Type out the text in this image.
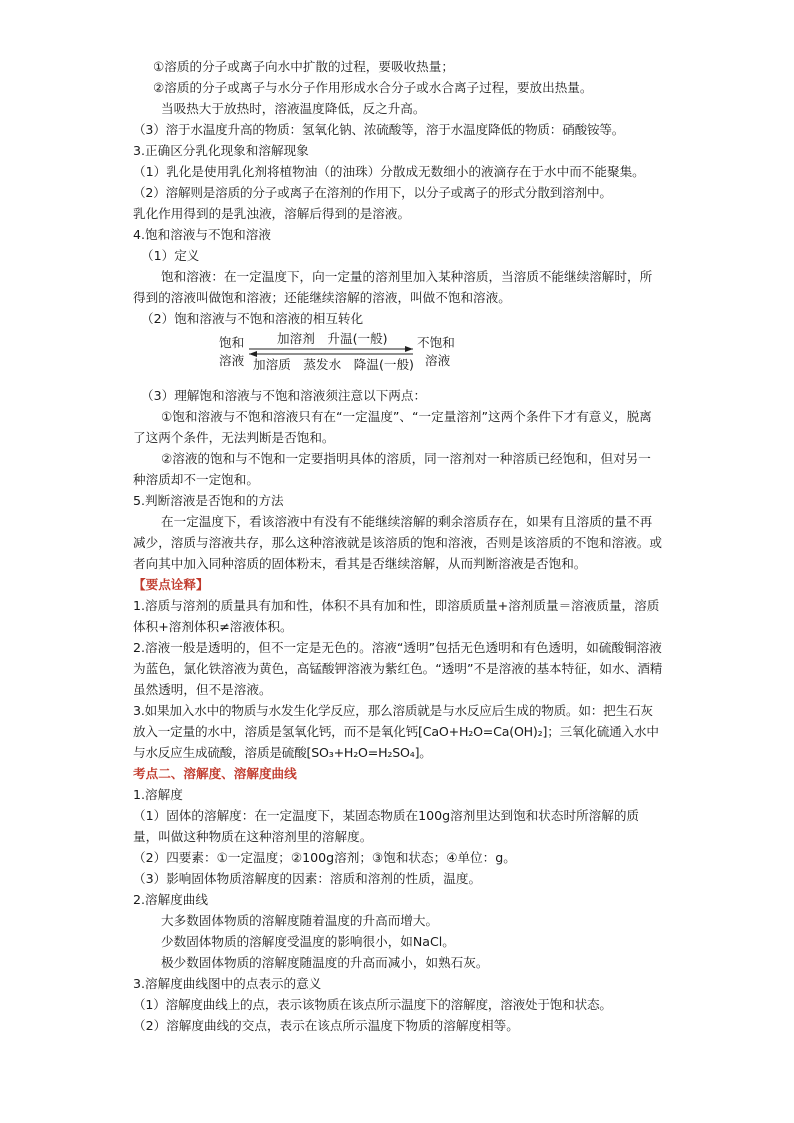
①溶质的分子或离子向水中扩散的过程，要吸收热量；
②溶质的分子或离子与水分子作用形成水合分子或水合离子过程，要放出热量。
当吸热大于放热时，溶液温度降低，反之升高。
（3）溶于水温度升高的物质：氢氧化钠、浓硫酸等，溶于水温度降低的物质：硝酸铵等。
3.正确区分乳化现象和溶解现象
（1）乳化是使用乳化剂将植物油（的油珠）分散成无数细小的液滴存在于水中而不能聚集。
（2）溶解则是溶质的分子或离子在溶剂的作用下，以分子或离子的形式分散到溶剂中。
乳化作用得到的是乳浊液，溶解后得到的是溶液。
4.饱和溶液与不饱和溶液
（1）定义
饱和溶液：在一定温度下，向一定量的溶剂里加入某种溶质，当溶质不能继续溶解时，所得到的溶液叫做饱和溶液；还能继续溶解的溶液，叫做不饱和溶液。
（2）饱和溶液与不饱和溶液的相互转化
饱和
溶液
加溶剂　升温(一般)
加溶质　蒸发水　降温(一般)
不饱和
溶液
（3）理解饱和溶液与不饱和溶液须注意以下两点：
①饱和溶液与不饱和溶液只有在“一定温度”、“一定量溶剂”这两个条件下才有意义，脱离了这两个条件，无法判断是否饱和。
②溶液的饱和与不饱和一定要指明具体的溶质，同一溶剂对一种溶质已经饱和，但对另一种溶质却不一定饱和。
5.判断溶液是否饱和的方法
在一定温度下，看该溶液中有没有不能继续溶解的剩余溶质存在，如果有且溶质的量不再减少，溶质与溶液共存，那么这种溶液就是该溶质的饱和溶液，否则是该溶质的不饱和溶液。或者向其中加入同种溶质的固体粉末，看其是否继续溶解，从而判断溶液是否饱和。
【要点诠释】
1.溶质与溶剂的质量具有加和性，体积不具有加和性，即溶质质量+溶剂质量＝溶液质量，溶质体积+溶剂体积≠溶液体积。
2.溶液一般是透明的，但不一定是无色的。溶液“透明”包括无色透明和有色透明，如硫酸铜溶液为蓝色，氯化铁溶液为黄色，高锰酸钾溶液为紫红色。“透明”不是溶液的基本特征，如水、酒精虽然透明，但不是溶液。
3.如果加入水中的物质与水发生化学反应，那么溶质就是与水反应后生成的物质。如：把生石灰放入一定量的水中，溶质是氢氧化钙，而不是氧化钙[CaO+H₂O=Ca(OH)₂]；三氧化硫通入水中与水反应生成硫酸，溶质是硫酸[SO₃+H₂O=H₂SO₄]。
考点二、溶解度、溶解度曲线
1.溶解度
（1）固体的溶解度：在一定温度下，某固态物质在100g溶剂里达到饱和状态时所溶解的质量，叫做这种物质在这种溶剂里的溶解度。
（2）四要素：①一定温度；②100g溶剂；③饱和状态；④单位：g。
（3）影响固体物质溶解度的因素：溶质和溶剂的性质，温度。
2.溶解度曲线
大多数固体物质的溶解度随着温度的升高而增大。
少数固体物质的溶解度受温度的影响很小，如NaCl。
极少数固体物质的溶解度随温度的升高而减小，如熟石灰。
3.溶解度曲线图中的点表示的意义
（1）溶解度曲线上的点，表示该物质在该点所示温度下的溶解度，溶液处于饱和状态。
（2）溶解度曲线的交点，表示在该点所示温度下物质的溶解度相等。
